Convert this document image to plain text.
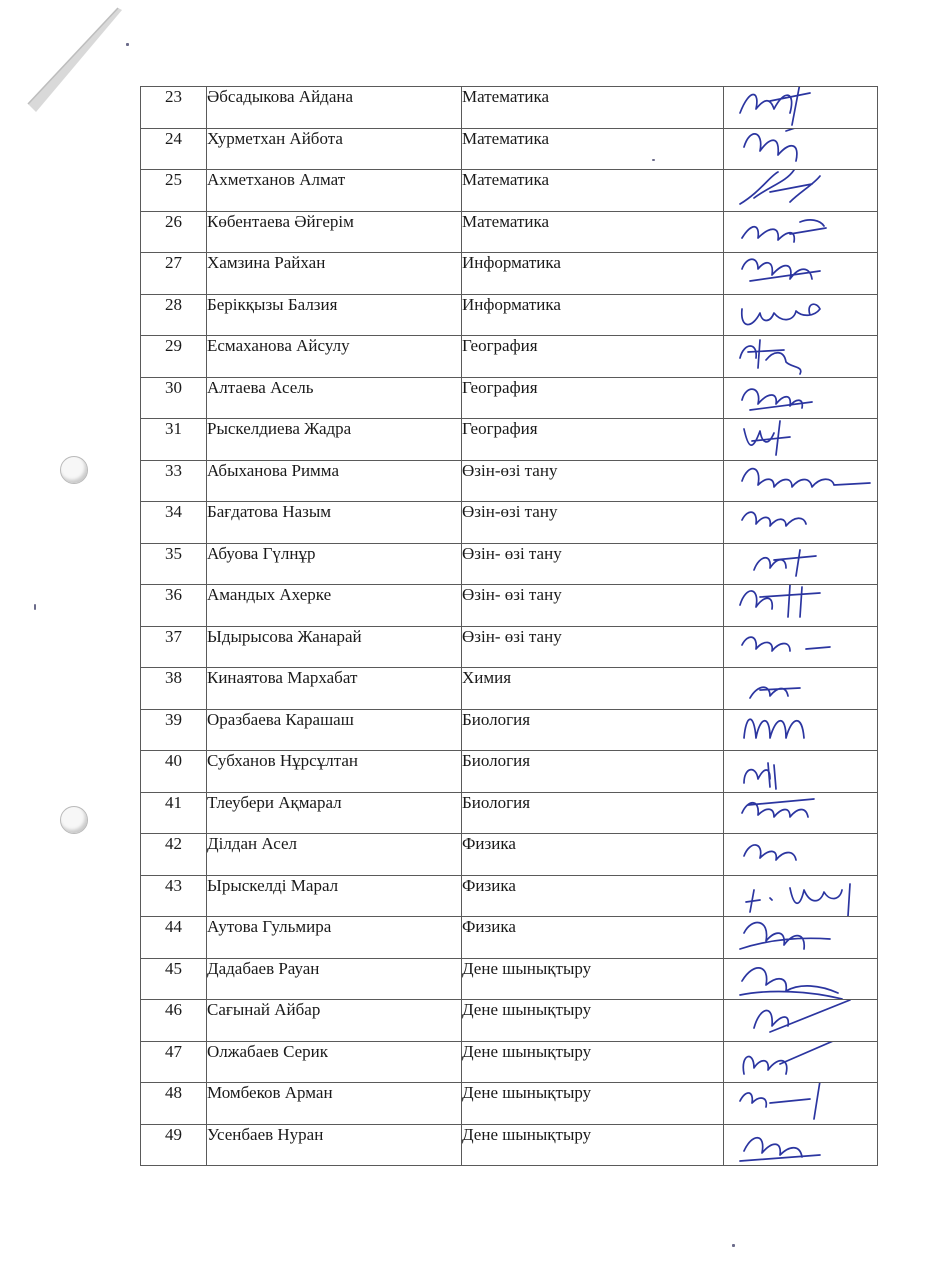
23	Әбсадыкова Айдана	Математика	

24	Хурметхан Айбота	Математика	

25	Ахметханов Алмат	Математика	

26	Көбентаева Әйгерім	Математика	

27	Хамзина Райхан	Информатика	

28	Берікқызы Балзия	Информатика	

29	Есмаханова Айсулу	География	

30	Алтаева Асель	География	

31	Рыскелдиева Жадра	География	

33	Абыханова Римма	Өзін-өзі тану	

34	Бағдатова Назым	Өзін-өзі тану	

35	Абуова Гүлнұр	Өзін- өзі тану	

36	Амандых Ахерке	Өзін- өзі тану	

37	Ыдырысова Жанарай	Өзін- өзі тану	

38	Кинаятова Мархабат	Химия	

39	Оразбаева Карашаш	Биология	

40	Субханов Нұрсұлтан	Биология	

41	Тлеубери Ақмарал	Биология	

42	Ділдан Асел	Физика	

43	Ырыскелді Марал	Физика	

44	Аутова Гульмира	Физика	

45	Дадабаев Рауан	Дене шынықтыру	

46	Сағынай Айбар	Дене шынықтыру	

47	Олжабаев Серик	Дене шынықтыру	

48	Момбеков Арман	Дене шынықтыру	

49	Усенбаев Нуран	Дене шынықтыру	
